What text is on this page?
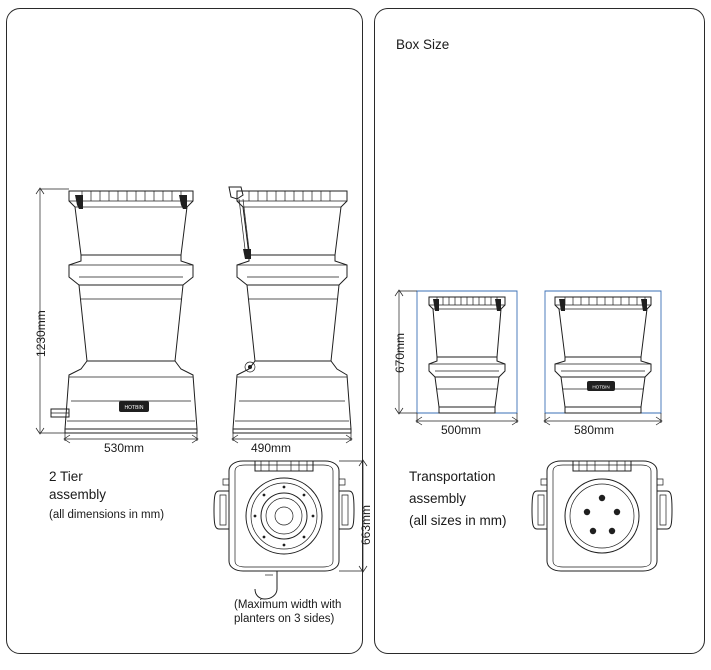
HOTBIN
1230mm
530mm	490mm
663mm
2 Tier
assembly
(all dimensions in mm)
(Maximum width with
planters on 3 sides)
Box Size
HOTBIN
670mm
500mm	580mm
Transportation
assembly
(all sizes in mm)
